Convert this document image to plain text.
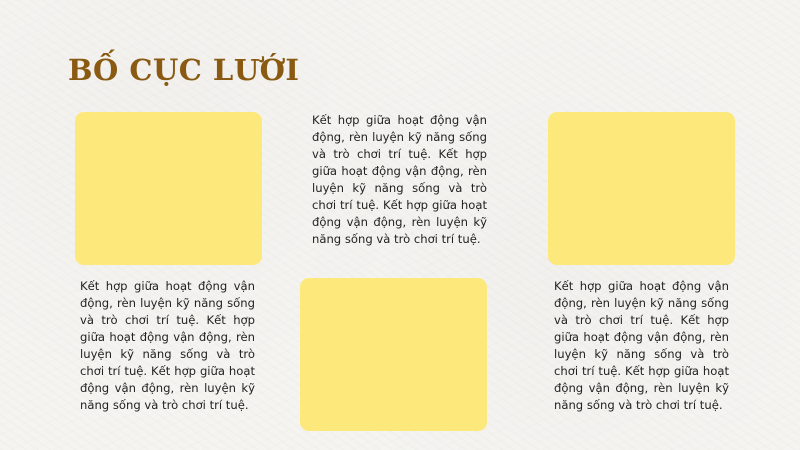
BỐ CỤC LƯỚI

Kết hợp giữa hoạt động vận động, rèn luyện kỹ năng sống và trò chơi trí tuệ. Kết hợp giữa hoạt động vận động, rèn luyện kỹ năng sống và trò chơi trí tuệ. Kết hợp giữa hoạt động vận động, rèn luyện kỹ năng sống và trò chơi trí tuệ.

Kết hợp giữa hoạt động vận động, rèn luyện kỹ năng sống và trò chơi trí tuệ. Kết hợp giữa hoạt động vận động, rèn luyện kỹ năng sống và trò chơi trí tuệ. Kết hợp giữa hoạt động vận động, rèn luyện kỹ năng sống và trò chơi trí tuệ.

Kết hợp giữa hoạt động vận động, rèn luyện kỹ năng sống và trò chơi trí tuệ. Kết hợp giữa hoạt động vận động, rèn luyện kỹ năng sống và trò chơi trí tuệ. Kết hợp giữa hoạt động vận động, rèn luyện kỹ năng sống và trò chơi trí tuệ.
